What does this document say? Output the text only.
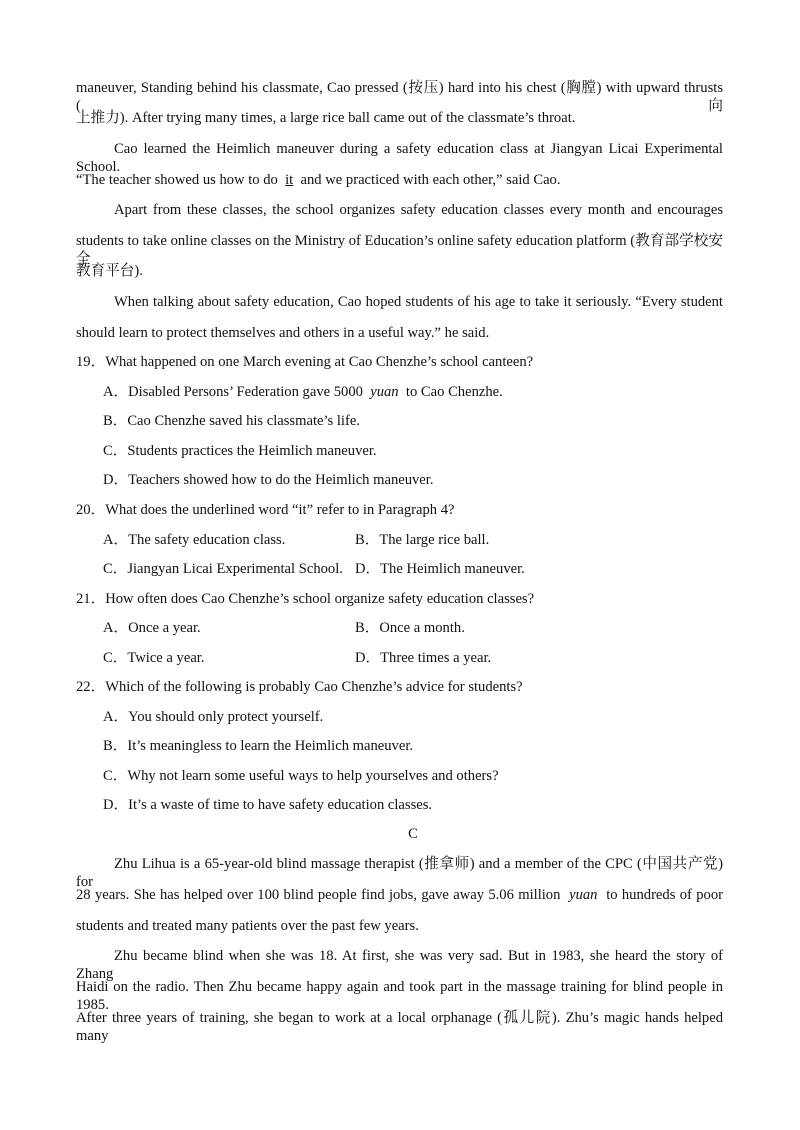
maneuver, Standing behind his classmate, Cao pressed (按压) hard into his chest (胸膛) with upward thrusts (向
上推力). After trying many times, a large rice ball came out of the classmate’s throat.
Cao learned the Heimlich maneuver during a safety education class at Jiangyan Licai Experimental School.
“The teacher showed us how to do it and we practiced with each other,” said Cao.
Apart from these classes, the school organizes safety education classes every month and encourages
students to take online classes on the Ministry of Education’s online safety education platform (教育部学校安全
教育平台).
When talking about safety education, Cao hoped students of his age to take it seriously. “Every student
should learn to protect themselves and others in a useful way.” he said.
19．What happened on one March evening at Cao Chenzhe’s school canteen?
A．Disabled Persons’ Federation gave 5000 yuan to Cao Chenzhe.
B．Cao Chenzhe saved his classmate’s life.
C．Students practices the Heimlich maneuver.
D．Teachers showed how to do the Heimlich maneuver.
20．What does the underlined word “it” refer to in Paragraph 4?
A．The safety education class.	B．The large rice ball.
C．Jiangyan Licai Experimental School. D．The Heimlich maneuver.
21．How often does Cao Chenzhe’s school organize safety education classes?
A．Once a year.	B．Once a month.
C．Twice a year.	D．Three times a year.
22．Which of the following is probably Cao Chenzhe’s advice for students?
A．You should only protect yourself.
B．It’s meaningless to learn the Heimlich maneuver.
C．Why not learn some useful ways to help yourselves and others?
D．It’s a waste of time to have safety education classes.
C
Zhu Lihua is a 65-year-old blind massage therapist (推拿师) and a member of the CPC (中国共产党) for
28 years. She has helped over 100 blind people find jobs, gave away 5.06 million yuan to hundreds of poor
students and treated many patients over the past few years.
Zhu became blind when she was 18. At first, she was very sad. But in 1983, she heard the story of Zhang
Haidi on the radio. Then Zhu became happy again and took part in the massage training for blind people in 1985.
After three years of training, she began to work at a local orphanage (孤儿院). Zhu’s magic hands helped many
